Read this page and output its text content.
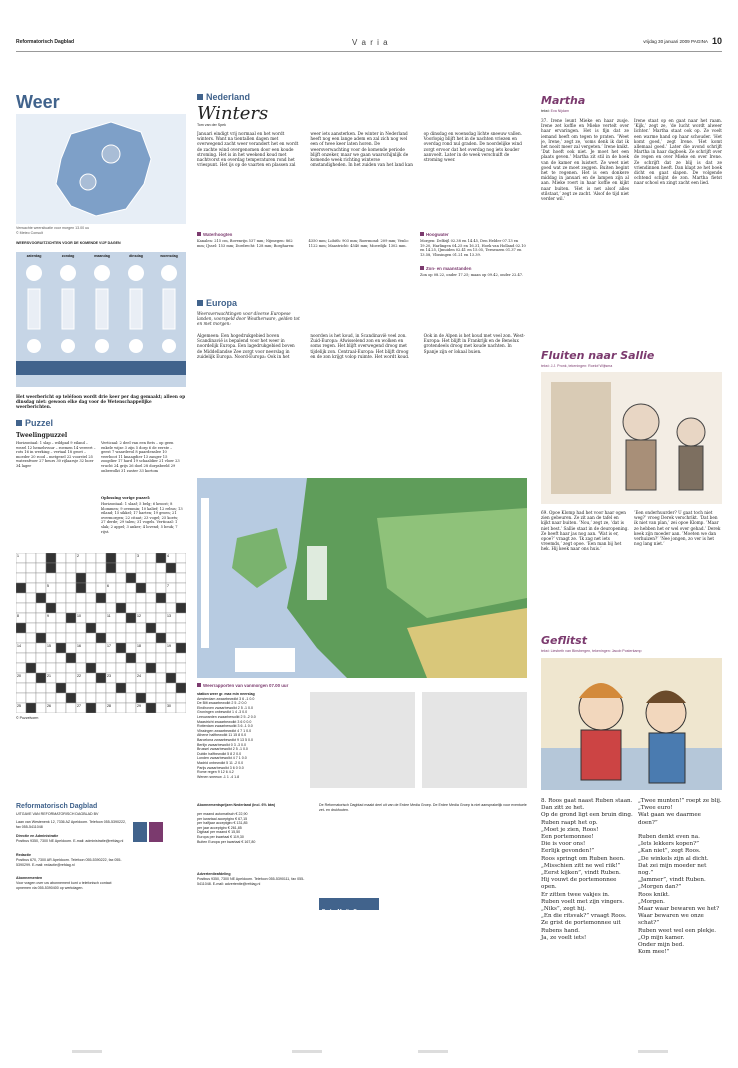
Reformatorisch Dagblad	V a r i a	vrijdag 30 januari 2009 PAGINA 10
Weer
Verwachte weersituatie voor morgen 13.00 uu
© Meteo Consult
WEERSVOORUITZICHTEN VOOR DE KOMENDE VIJF DAGEN
zaterdag	zondag	maandag	dinsdag	woensdag
Het weerbericht op teléfoon wordt drie keer per dag gemaakt; alleen op dinsdag niet: gewoon elke dag voor de Wetenschappelijke weerberichten.
Puzzel
Tweelingpuzzel
Horizontaal: 1 slap – wildpad 9 eiland – wezel 12 hemelsvuur – roemen 14 vereert – rots 16 in werking – vertaal 18 groet – moeder 20 rood – metgezel 22 voorstel 25 waterafvoer 27 beurs 30 rijlaarsje 32 boer 34 lager
Verticaal: 2 deel van een fiets – op geen enkele wijze 3 zijn 5 dorp 6 de eerste – geest 7 waardevol 8 paardenslee 10 veerboot 11 knaagdier 13 zanger 15 zoogdier 17 hard 19 schaaldier 21 vloer 23 vrucht 24 grijs 26 doel 28 dorpsbeeld 29 onbewolkt 31 zuster 33 kortom
Oplossing vorige puzzel:
Horizontaal: 1 slaaf; 5 belg; 6 kroost; 8 blommen; 9 ovenmin; 10 kalief; 12 rebus; 13 eiland; 15 sikkel; 17 harten; 19 groen; 21 overmorgen; 22 citaat; 23 vogel; 25 koets; 27 derde; 29 talen; 31 vogels. Verticaal: 1 slak; 2 appel; 3 anker; 4 lovend; 5 beuk; 7 rijst.
1	2	3	4
5	6	7
8	9	10	11	12	13
14	15	16	17	18	19
20	21	22	23	24
25	26	27	28	29	30
© Puzzelvorm
Nederland
Winters
Tom van der Spek
Januari eindigt vrij normaal en het wordt winters. Want na tientallen dagen met overwegend zacht weer verandert het en wordt de zachte wind overgenomen door een koude stroming. Het is in het weekend koud met nachtvorst en overdag temperaturen rond het vriespunt. Het ijs op de vaarten en plassen zal weer iets aansterken. De winter in Nederland heeft nog een lange adem en zal zich nog wel een of twee keer laten horen. De weersverwachting voor de komende periode blijft onzeker, maar we gaan waarschijnlijk de komende week richting winterse omstandigheden. In het zuiden van het land kan op dinsdag en woensdag lichte sneeuw vallen. Voorlopig blijft het in de nachten vriezen en overdag rond nul graden. De noordelijke wind zorgt ervoor dat het overdag nog iets kouder aanvoelt. Later in de week verschuift de stroming weer.
Waterhoogten
Kanalen: 215 cm, Bovenrijn 537 mm; Nijmegen: 862 mm; IJssel: 153 mm; Dordrecht: 128 mm; Borgharen: 4350 mm; Lobith: 903 mm; Roermond: 209 mm; Venlo: 1122 mm; Maastricht: 4540 mm; Moerdijk: 1302 mm.
Hoogwater
Morgen: Delfzijl 02.38 en 14.45, Den Helder 07.13 en 19.20, Harlingen 04.25 en 16.31, Hoek van Holland 02.10 en 14.25, IJmuiden 02.41 en 15.05, Terneuzen 01.37 en 13.58, Vlissingen 01.21 en 13.39.
Zon- en maanstanden
Zon op 08.22, onder 17.25; maan op 09.42, onder 22.47.
Europa
Weersverwachtingen voor diverse Europese landen, voorspeld door Weatherware, gelden tot en met morgen:
Algemeen: Een hogedrukgebied boven Scandinavië is bepalend voor het weer in noordelijk Europa. Een lagedrukgebied boven de Middellandse Zee zorgt voor neerslag in zuidelijk Europa. Noord-Europa: Ook in het noorden is het koud, in Scandinavië veel zon. Zuid-Europa: Afwisselend zon en wolken en soms regen. Het blijft overwegend droog met tijdelijk zon. Centraal-Europa: Het blijft droog en de zon krijgt volop ruimte. Het wordt koud. Ook in de Alpen is het koud met veel zon. West-Europa: Het blijft in Frankrijk en de Benelux grotendeels droog met koude nachten. In Spanje zijn er lokaal buien.
Weerrapporten van vanmorgen 07.00 uur
station weer gr. max min neerslag
Amsterdam zwaarbewolkt 3 6 -1 0.0
De Bilt zwaarbewolkt 2 5 -2 0.0
Eindhoven zwaarbewolkt 2 5 -1 0.0
Groningen onbewolkt 1 4 -3 0.0
Leeuwarden zwaarbewolkt 2 5 -2 0.0
Maastricht zwaarbewolkt 3 6 0 0.0
Rotterdam zwaarbewolkt 3 6 -1 0.0
Vlissingen zwaarbewolkt 4 7 1 0.0
Athene halfbewolkt 11 15 8 0.0
Barcelona zwaarbewolkt 9 13 5 0.0
Berlijn zwaarbewolkt 0 3 -3 0.0
Brussel zwaarbewolkt 2 5 -1 0.0
Dublin halfbewolkt 5 8 2 0.0
Londen zwaarbewolkt 4 7 1 0.0
Madrid onbewolkt 5 11 -2 0.0
Parijs zwaarbewolkt 3 6 0 0.0
Rome regen 9 12 6 4.2
Wenen sneeuw -1 1 -4 1.8
Reformatorisch Dagblad
UITGAVE VAN REFORMATORISCH DAGBLAD BV
Laan van Westenenk 12, 7336 AZ Apeldoorn. Telefoon 055-5390222, fax 055-5411048
Directie en Administratie
Postbus 9350, 7300 NE Apeldoorn. E-mail: administratie@refdag.nl
Redactie
Postbus 670, 7300 AR Apeldoorn. Telefoon 055-5390222, fax 055-5390299. E-mail: redactie@refdag.nl
Abonnementen
Voor vragen over uw abonnement kunt u telefonisch contact opnemen via 055-5390400 op werkdagen.
Abonnementsprijzen Nederland (incl. 6% btw)
per maand automatisch € 22,90
per kwartaal acceptgiro € 67,15
per halfjaar acceptgiro € 131,85
per jaar acceptgiro € 261,85
Digitaal per maand € 15,50
Europa per kwartaal € 119,30
Buiten Europa per kwartaal € 167,80
Advertentieafdeling
Postbus 9350, 7300 NE Apeldoorn. Telefoon 055-5390111, fax 055-5411048. E-mail: advertentie@refdag.nl
De Reformatorisch Dagblad maakt deel uit van de Erdee Media Groep. De Erdee Media Groep is niet aansprakelijk voor eventuele zet- en drukfouten.
Ender Media Group
Martha
tekst: Eva Nijdam
37. Irene leunt Mieke en haar zusje. Irene zet koffie en Mieke vertelt over haar ervaringen. Het is fijn dat ze iemand heeft om tegen te praten. ‘Weet je, Irene,’ zegt ze, ‘soms denk ik dat ik het nooit meer zal vergeten.’ Irene knikt. ‘Dat hoeft ook niet. Je moet het een plaats geven.’ Martha zit stil in de hoek van de kamer en luistert. Ze weet niet goed wat ze moet zeggen. Buiten begint het te regenen. Het is een donkere middag in januari en de lampen zijn al aan. Mieke roert in haar koffie en kijkt naar buiten. ‘Het is net alsof alles stilstaat,’ zegt ze zacht. ‘Alsof de tijd niet verder wil.’
Irene staat op en gaat naar het raam. ‘Kijk,’ zegt ze, ‘de lucht wordt alweer lichter.’ Martha staat ook op. Ze voelt een warme hand op haar schouder. ‘Het komt goed,’ zegt Irene. ‘Het komt allemaal goed.’ Later die avond schrijft Martha in haar dagboek. Ze schrijft over de regen en over Mieke en over Irene. Ze schrijft dat ze blij is dat ze vriendinnen heeft. Dan klapt ze het boek dicht en gaat slapen. De volgende ochtend schijnt de zon. Martha fietst naar school en zingt zacht een lied.
Fluiten naar Sallie
tekst: J.J. Pronk, tekeningen: Roelof Wijtsma
69. Opoe Klomp had het voor haar ogen zien gebeuren. Ze zit aan de tafel en kijkt naar buiten. ‘Nou,’ zegt ze, ‘dat is niet best.’ Sallie staat in de deuropening. Ze heeft haar jas nog aan. ‘Wat is er, opoe?’ vraagt ze. ‘Ik zag net iets vreemds,’ zegt opoe. ‘Een man bij het hek. Hij keek naar ons huis.’
‘Een onderhuurder? U gaat toch niet weg?’ vroeg Derek verschrikt. ‘Dat ben ik niet van plan,’ zei opoe Klomp. ‘Maar ze hebben het er wel over gehad.’ Derek keek zijn moeder aan. ‘Moeten we dan verhuizen?’ ‘Nee jongen, zo ver is het nog lang niet.’
Geflitst
tekst: Liesbeth van Binsbergen, tekeningen: Jacob Posterkamp
8. Roos gaat naast Ruben staan.
Dan zitt ze het.
Op de grond ligt een bruin ding.
Ruben raapt het op.
„Moet je zien, Roos!
Een portemonnee!
Die is voor ons!
Eerlijk gevonden!”
Roos springt om Ruben heen.
„Misschien zitt ne wel riik!”
„Eerst kijken”, vindt Ruben.
Hij vouwt de portemonnee open.
Er zitten twee vakjes in.
Ruben voelt met zijn vingers.
„Niks”, zegt hij.
„En die ritsvak?” vraagt Roos.
Ze grist de portemonnee uit Rubens hand.
Ja, ze voelt iets!
„Twee munten!” roept ze blij.
„Twee euro!
Wat gaan we daarmee doen?”

Ruben denkt even na.
„Iets lekkers kopen?”
„Kan niet”, zegt Roos.
„De winkels zijn al dicht.
Dat zei mijn moeder net nog.”
„Jammer”, vindt Ruben.
„Morgen dan?”
Roos knikt.
„Morgen.
Maar waar bewaren we het?
Waar bewaren we onze schat?”
Ruben weet wel een plekje.
„Op mijn kamer.
Onder mijn bed.
Kom mee!”
